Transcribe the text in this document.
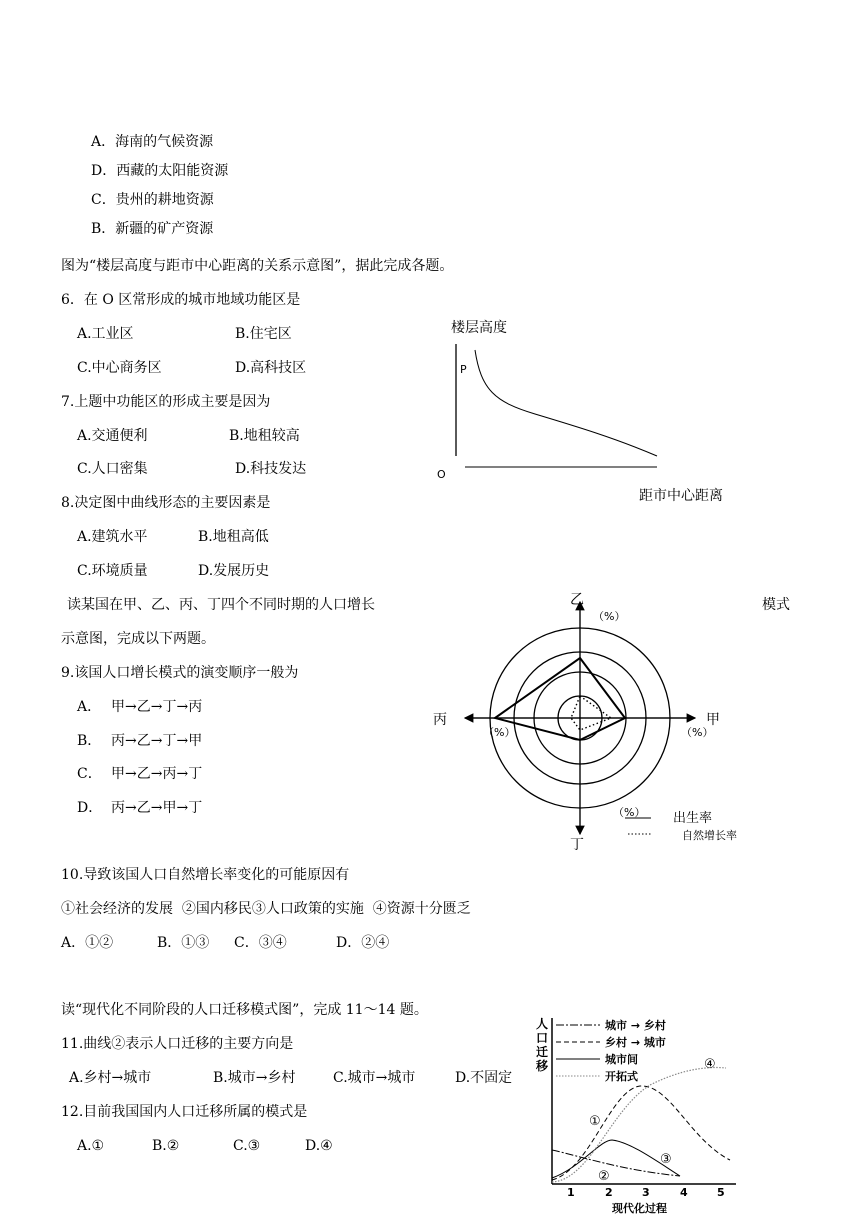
A．海南的气候资源
D．西藏的太阳能资源
C．贵州的耕地资源
B．新疆的矿产资源
图为“楼层高度与距市中心距离的关系示意图”，据此完成各题。
6．在 O 区常形成的城市地域功能区是
A.工业区	B.住宅区
C.中心商务区	D.高科技区
7.上题中功能区的形成主要是因为
A.交通便利	B.地租较高
C.人口密集	D.科技发达
8.决定图中曲线形态的主要因素是
A.建筑水平	B.地租高低
C.环境质量	D.发展历史
楼层高度
P
O
距市中心距离
读某国在甲、乙、丙、丁四个不同时期的人口增长	模式
示意图，完成以下两题。
9.该国人口增长模式的演变顺序一般为
A． 甲→乙→丁→丙
B． 丙→乙→丁→甲
C． 甲→乙→丙→丁
D． 丙→乙→甲→丁
乙
（%）
甲
（%）
丙
（%）
丁
（%） 出生率
自然增长率
10.导致该国人口自然增长率变化的可能原因有
①社会经济的发展  ②国内移民③人口政策的实施  ④资源十分匮乏
A．①②	B．①③ C．③④	D．②④
读“现代化不同阶段的人口迁移模式图”，完成 11～14 题。
11.曲线②表示人口迁移的主要方向是
A.乡村→城市	B.城市→乡村	C.城市→城市	D.不固定
12.目前我国国内人口迁移所属的模式是
A.①	B.②	C.③	D.④
人
口
迁
移
城市 → 乡村
乡村 → 城市
城市间
开拓式
①
②
③
④
1	2	3	4	5
现代化过程
